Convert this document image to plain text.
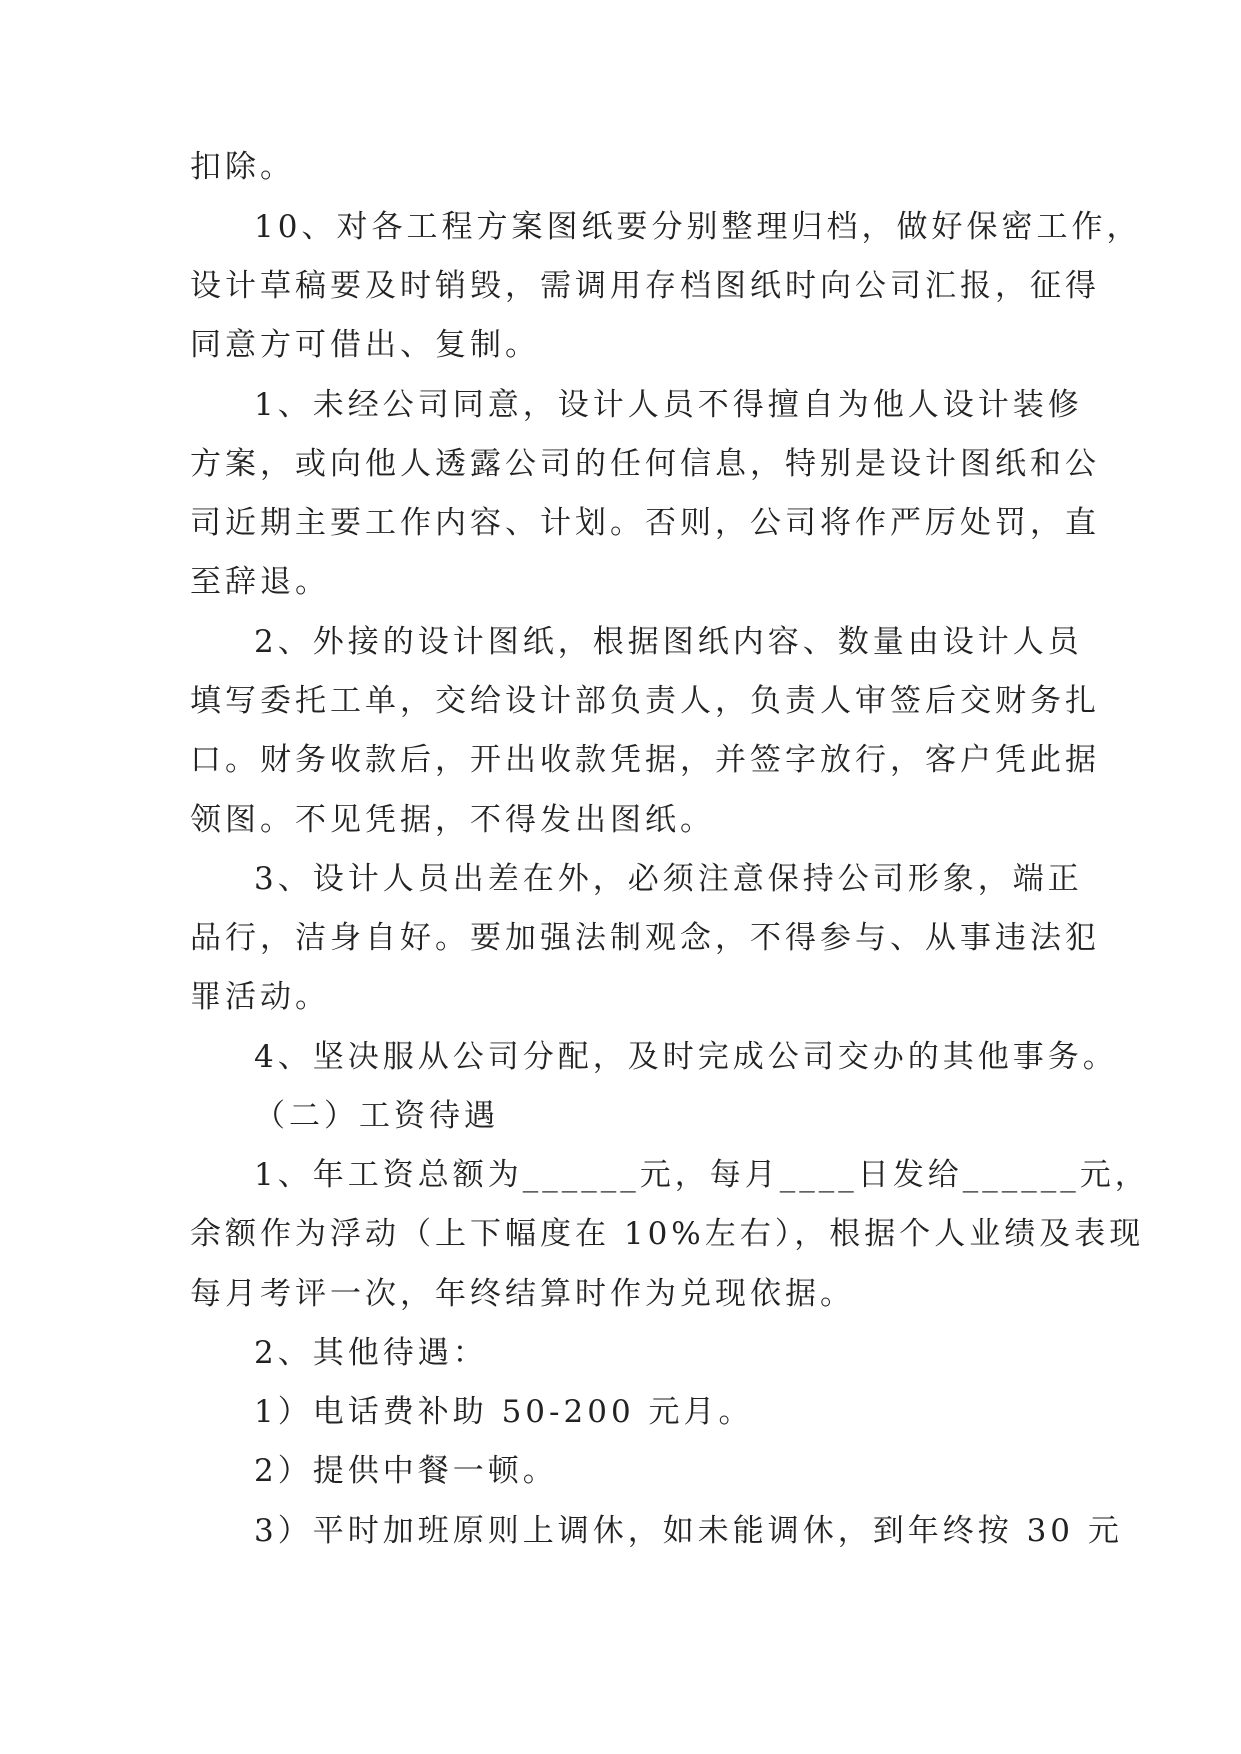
扣除。
10、对各工程方案图纸要分别整理归档，做好保密工作，
设计草稿要及时销毁，需调用存档图纸时向公司汇报，征得
同意方可借出、复制。
1、未经公司同意，设计人员不得擅自为他人设计装修
方案，或向他人透露公司的任何信息，特别是设计图纸和公
司近期主要工作内容、计划。否则，公司将作严厉处罚，直
至辞退。
2、外接的设计图纸，根据图纸内容、数量由设计人员
填写委托工单，交给设计部负责人，负责人审签后交财务扎
口。财务收款后，开出收款凭据，并签字放行，客户凭此据
领图。不见凭据，不得发出图纸。
3、设计人员出差在外，必须注意保持公司形象，端正
品行，洁身自好。要加强法制观念，不得参与、从事违法犯
罪活动。
4、坚决服从公司分配，及时完成公司交办的其他事务。
（二）工资待遇
1、年工资总额为______元，每月____日发给______元，
余额作为浮动（上下幅度在 10%左右），根据个人业绩及表现
每月考评一次，年终结算时作为兑现依据。
2、其他待遇：
1）电话费补助 50-200 元月。
2）提供中餐一顿。
3）平时加班原则上调休，如未能调休，到年终按 30 元
